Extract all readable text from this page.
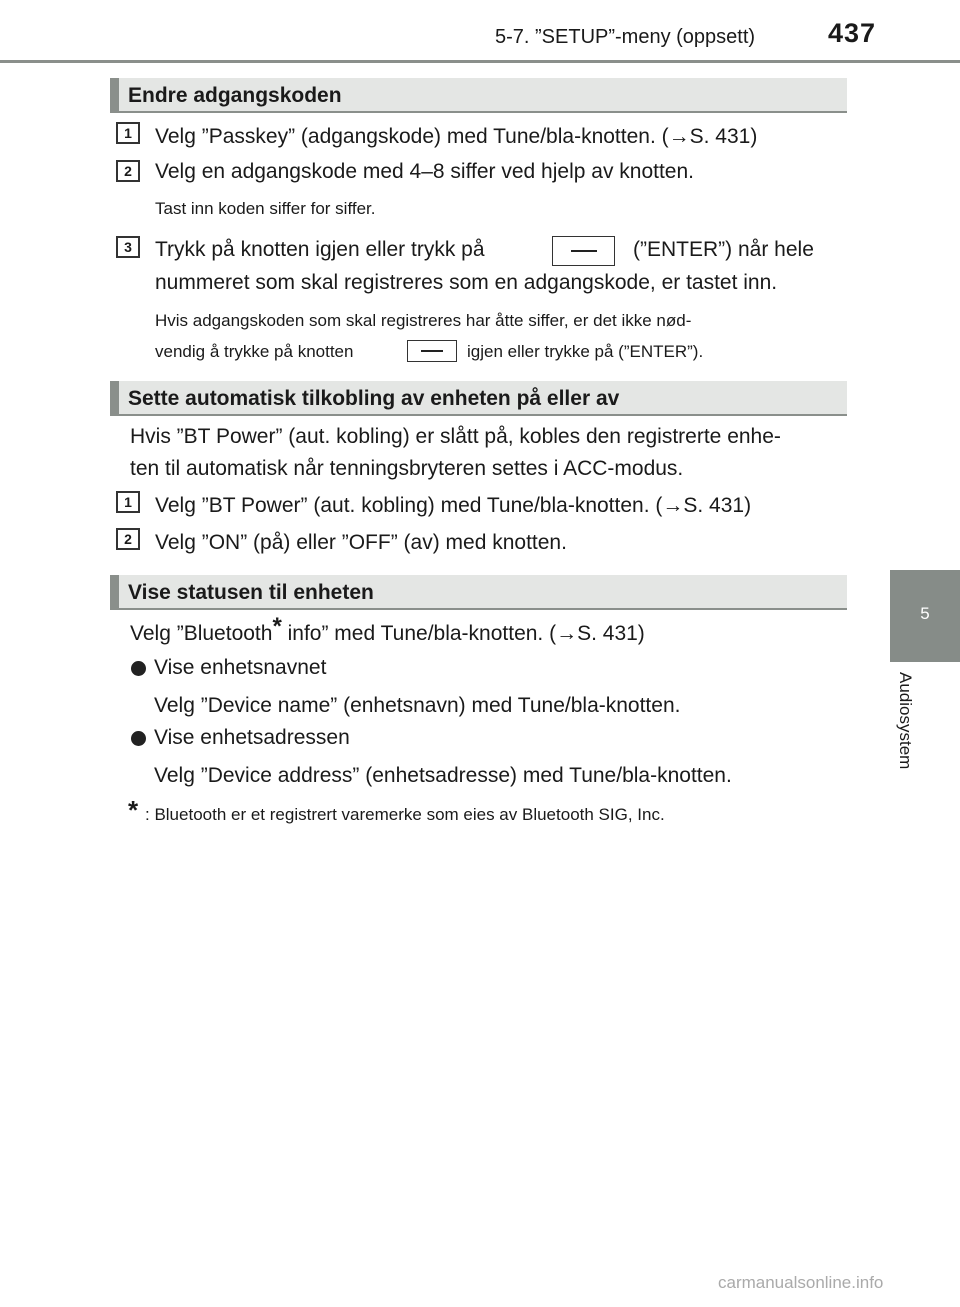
5-7. ”SETUP”-meny (oppsett)	437
5
Audiosystem
Endre adgangskoden
1	Velg ”Passkey” (adgangskode) med Tune/bla-knotten. (→S. 431)
2	Velg en adgangskode med 4–8 siffer ved hjelp av knotten.
Tast inn koden siffer for siffer.
3	Trykk på knotten igjen eller trykk på	(”ENTER”) når hele
nummeret som skal registreres som en adgangskode, er tastet inn.
Hvis adgangskoden som skal registreres har åtte siffer, er det ikke nød-
vendig å trykke på knotten	igjen eller trykke på (”ENTER”).
Sette automatisk tilkobling av enheten på eller av
Hvis ”BT Power” (aut. kobling) er slått på, kobles den registrerte enhe-
ten til automatisk når tenningsbryteren settes i ACC-modus.
1	Velg ”BT Power” (aut. kobling) med Tune/bla-knotten. (→S. 431)
2	Velg ”ON” (på) eller ”OFF” (av) med knotten.
Vise statusen til enheten
Velg ”Bluetooth* info” med Tune/bla-knotten. (→S. 431)
Vise enhetsnavnet
Velg ”Device name” (enhetsnavn) med Tune/bla-knotten.
Vise enhetsadressen
Velg ”Device address” (enhetsadresse) med Tune/bla-knotten.
* : Bluetooth er et registrert varemerke som eies av Bluetooth SIG, Inc.
carmanualsonline.info
